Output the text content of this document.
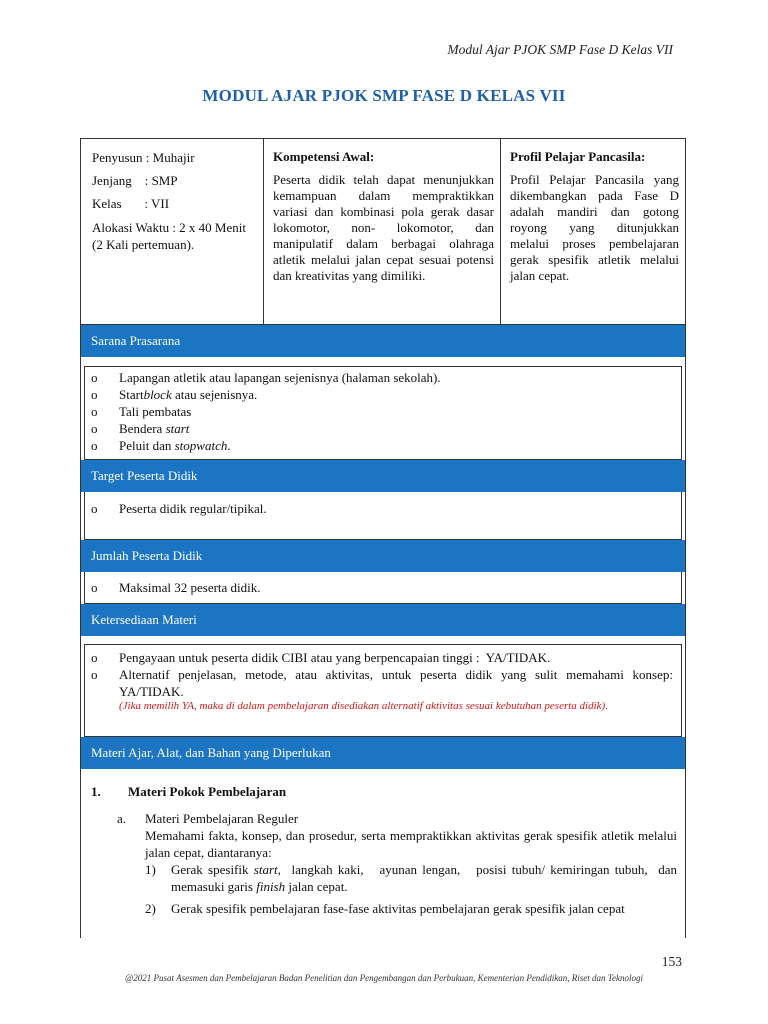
Modul Ajar PJOK SMP Fase D Kelas VII
MODUL AJAR PJOK SMP FASE D KELAS VII
Penyusun : Muhajir
Jenjang    : SMP
Kelas       : VII
Alokasi Waktu : 2 x 40 Menit (2 Kali pertemuan).
Kompetensi Awal:
Peserta didik telah dapat menunjukkan kemampuan dalam mempraktikkan variasi dan kombinasi pola gerak dasar lokomotor, non- lokomotor, dan manipulatif dalam berbagai olahraga atletik melalui jalan cepat sesuai potensi dan kreativitas yang dimiliki.
Profil Pelajar Pancasila:
Profil Pelajar Pancasila yang dikembangkan pada Fase D adalah mandiri dan gotong royong yang ditunjukkan melalui proses pembelajaran gerak spesifik atletik melalui jalan cepat.
Sarana Prasarana
o Lapangan atletik atau lapangan sejenisnya (halaman sekolah).
o Startblock atau sejenisnya.
o Tali pembatas
o Bendera start
o Peluit dan stopwatch.
Target Peserta Didik
o Peserta didik regular/tipikal.
Jumlah Peserta Didik
o Maksimal 32 peserta didik.
Ketersediaan Materi
o Pengayaan untuk peserta didik CIBI atau yang berpencapaian tinggi :  YA/TIDAK.
o Alternatif penjelasan, metode, atau aktivitas, untuk peserta didik yang sulit memahami konsep: YA/TIDAK.
(Jika memilih YA, maka di dalam pembelajaran disediakan alternatif aktivitas sesuai kebutuhan peserta didik).
Materi Ajar, Alat, dan Bahan yang Diperlukan
1.	Materi Pokok Pembelajaran
a.	Materi Pembelajaran Reguler
Memahami fakta, konsep, dan prosedur, serta mempraktikkan aktivitas gerak spesifik atletik melalui jalan cepat, diantaranya:
1)	Gerak spesifik start,  langkah kaki,   ayunan lengan,   posisi tubuh/ kemiringan tubuh,  dan memasuki garis finish jalan cepat.
2)	Gerak spesifik pembelajaran fase-fase aktivitas pembelajaran gerak spesifik jalan cepat
153
@2021 Pusat Asesmen dan Pembelajaran Badan Penelitian dan Pengembangan dan Perbukuan, Kementerian Pendidikan, Riset dan Teknologi
